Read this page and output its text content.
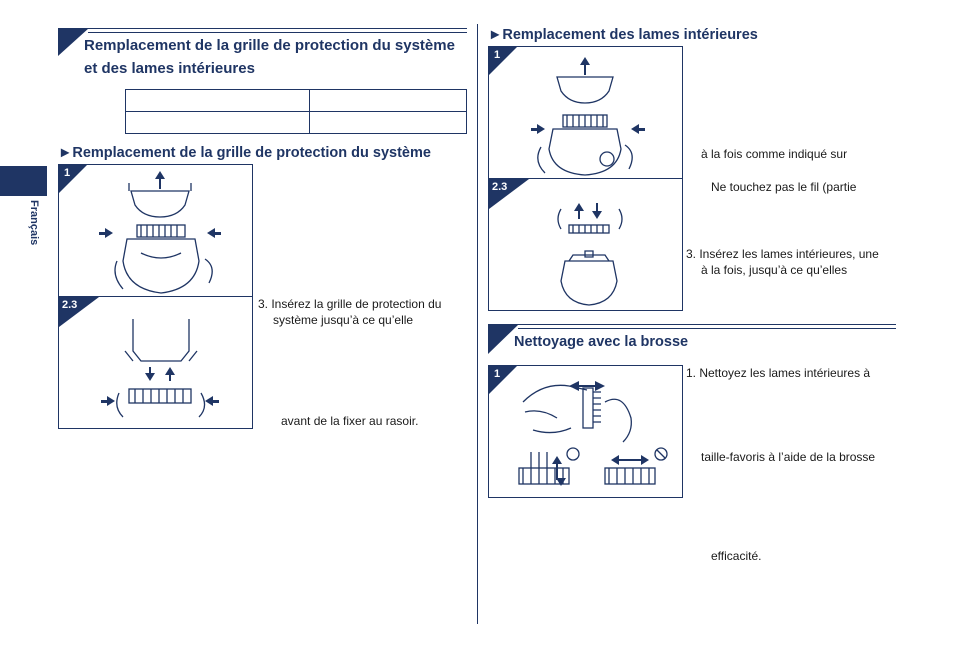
Français
Remplacement de la grille de protection du système
et des lames intérieures

►Remplacement de la grille de protection du système
1
2.3	3. Insérez la grille de protection du
système jusqu’à ce qu’elle
avant de la fixer au rasoir.
►Remplacement des lames intérieures
1
2.3
à la fois comme indiqué sur
Ne touchez pas le fil (partie
3. Insérez les lames intérieures, une
à la fois, jusqu’à ce qu’elles
Nettoyage avec la brosse
1	1. Nettoyez les lames intérieures à
taille-favoris à l’aide de la brosse
efficacité.
